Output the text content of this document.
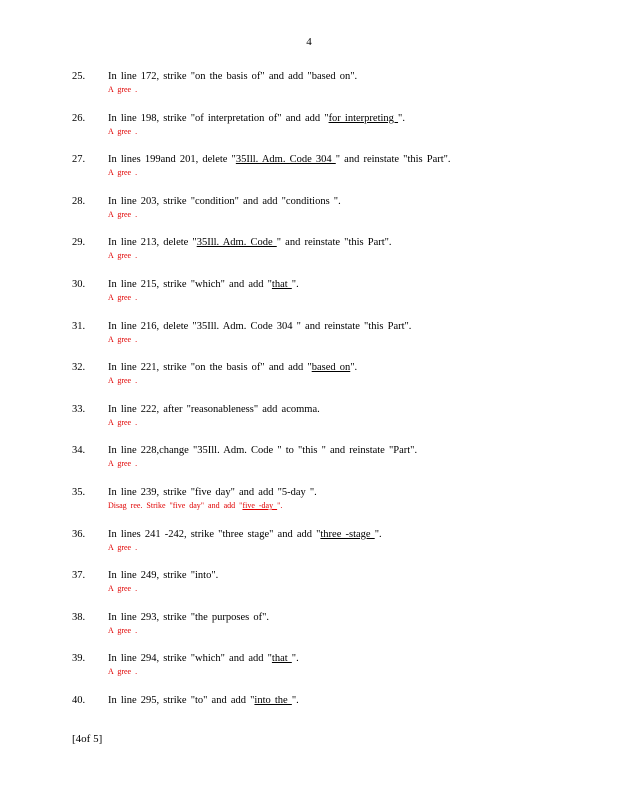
4
25. In line 172, strike "on the basis of" and add "based on".
A gree .
26. In line 198, strike "of interpretation of" and add "for interpreting ".
A gree .
27. In lines 199and 201, delete "35Ill. Adm. Code 304 " and reinstate "this Part".
A gree .
28. In line 203, strike "condition" and add "conditions ".
A gree .
29. In line 213, delete "35Ill. Adm. Code " and reinstate "this Part".
A gree .
30. In line 215, strike "which" and add "that ".
A gree .
31. In line 216, delete "35Ill. Adm. Code 304 " and reinstate "this Part".
A gree .
32. In line 221, strike "on the basis of" and add "based on".
A gree .
33. In line 222, after "reasonableness" add acomma.
A gree .
34. In line 228,change "35Ill. Adm. Code " to "this " and reinstate "Part".
A gree .
35. In line 239, strike "five day" and add "5-day ".
Disag ree. Strike "five day" and add "five -day ".
36. In lines 241 -242, strike "three stage" and add "three -stage ".
A gree .
37. In line 249, strike "into".
A gree .
38. In line 293, strike "the purposes of".
A gree .
39. In line 294, strike "which" and add "that ".
A gree .
40. In line 295, strike "to" and add "into the ".
[4of 5]
